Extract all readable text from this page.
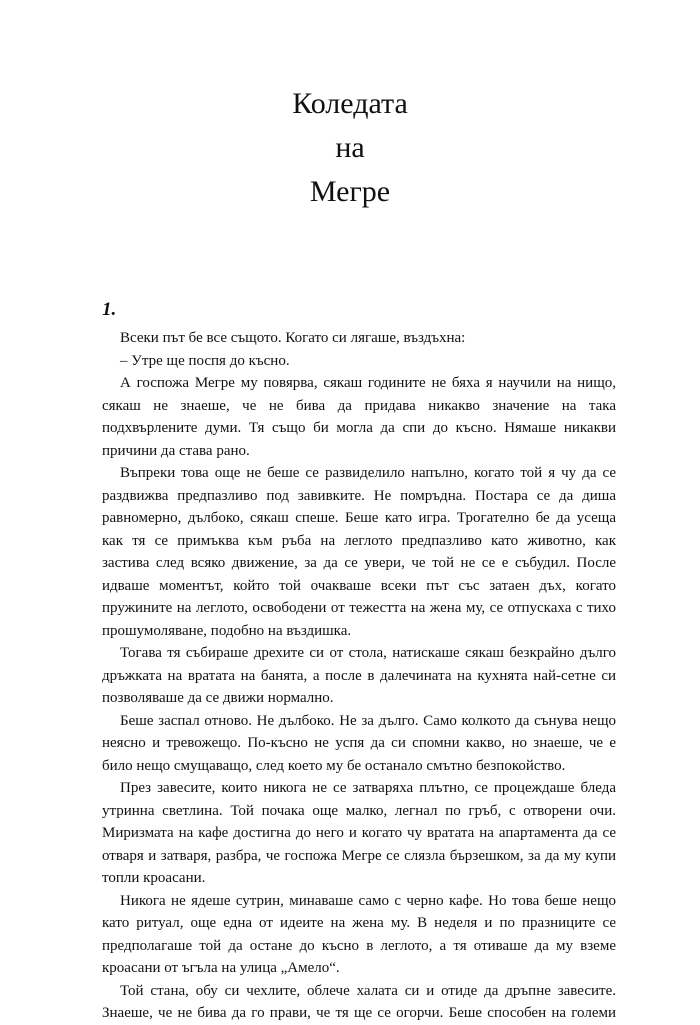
Коледата
на
Мегре
1.

Всеки път бе все същото. Когато си лягаше, въздъхна:

– Утре ще поспя до късно.

А госпожа Мегре му повярва, сякаш годините не бяха я научили на нищо,

сякаш не знаеше, че не бива да придава никакво значение на така

подхвърлените думи. Тя също би могла да спи до късно. Нямаше никакви

причини да става рано.

Въпреки това още не беше се развиделило напълно, когато той я чу да се

раздвижва предпазливо под завивките. Не помръдна. Постара се да диша

равномерно, дълбоко, сякаш спеше. Беше като игра. Трогателно бе да усеща

как тя се примъква към ръба на леглото предпазливо като животно, как

застива след всяко движение, за да се увери, че той не се е събудил. После

идваше моментът, който той очакваше всеки път със затаен дъх, когато

пружините на леглото, освободени от тежестта на жена му, се отпускаха с тихо

прошумоляване, подобно на въздишка.

Тогава тя събираше дрехите си от стола, натискаше сякаш безкрайно дълго

дръжката на вратата на банята, а после в далечината на кухнята най-сетне си

позволяваше да се движи нормално.

Беше заспал отново. Не дълбоко. Не за дълго. Само колкото да сънува нещо

неясно и тревожещо. По-късно не успя да си спомни какво, но знаеше, че е

било нещо смущаващо, след което му бе останало смътно безпокойство.

През завесите, които никога не се затваряха плътно, се процеждаше бледа

утринна светлина. Той почака още малко, легнал по гръб, с отворени очи.

Миризмата на кафе достигна до него и когато чу вратата на апартамента да се

отваря и затваря, разбра, че госпожа Мегре се слязла бързешком, за да му купи

топли кроасани.

Никога не ядеше сутрин, минаваше само с черно кафе. Но това беше нещо

като ритуал, още една от идеите на жена му. В неделя и по празниците се

предполагаше той да остане до късно в леглото, а тя отиваше да му вземе

кроасани от ъгъла на улица „Амело“.

Той стана, обу си чехлите, облече халата си и отиде да дръпне завесите.

Знаеше, че не бива да го прави, че тя ще се огорчи. Беше способен на големи
